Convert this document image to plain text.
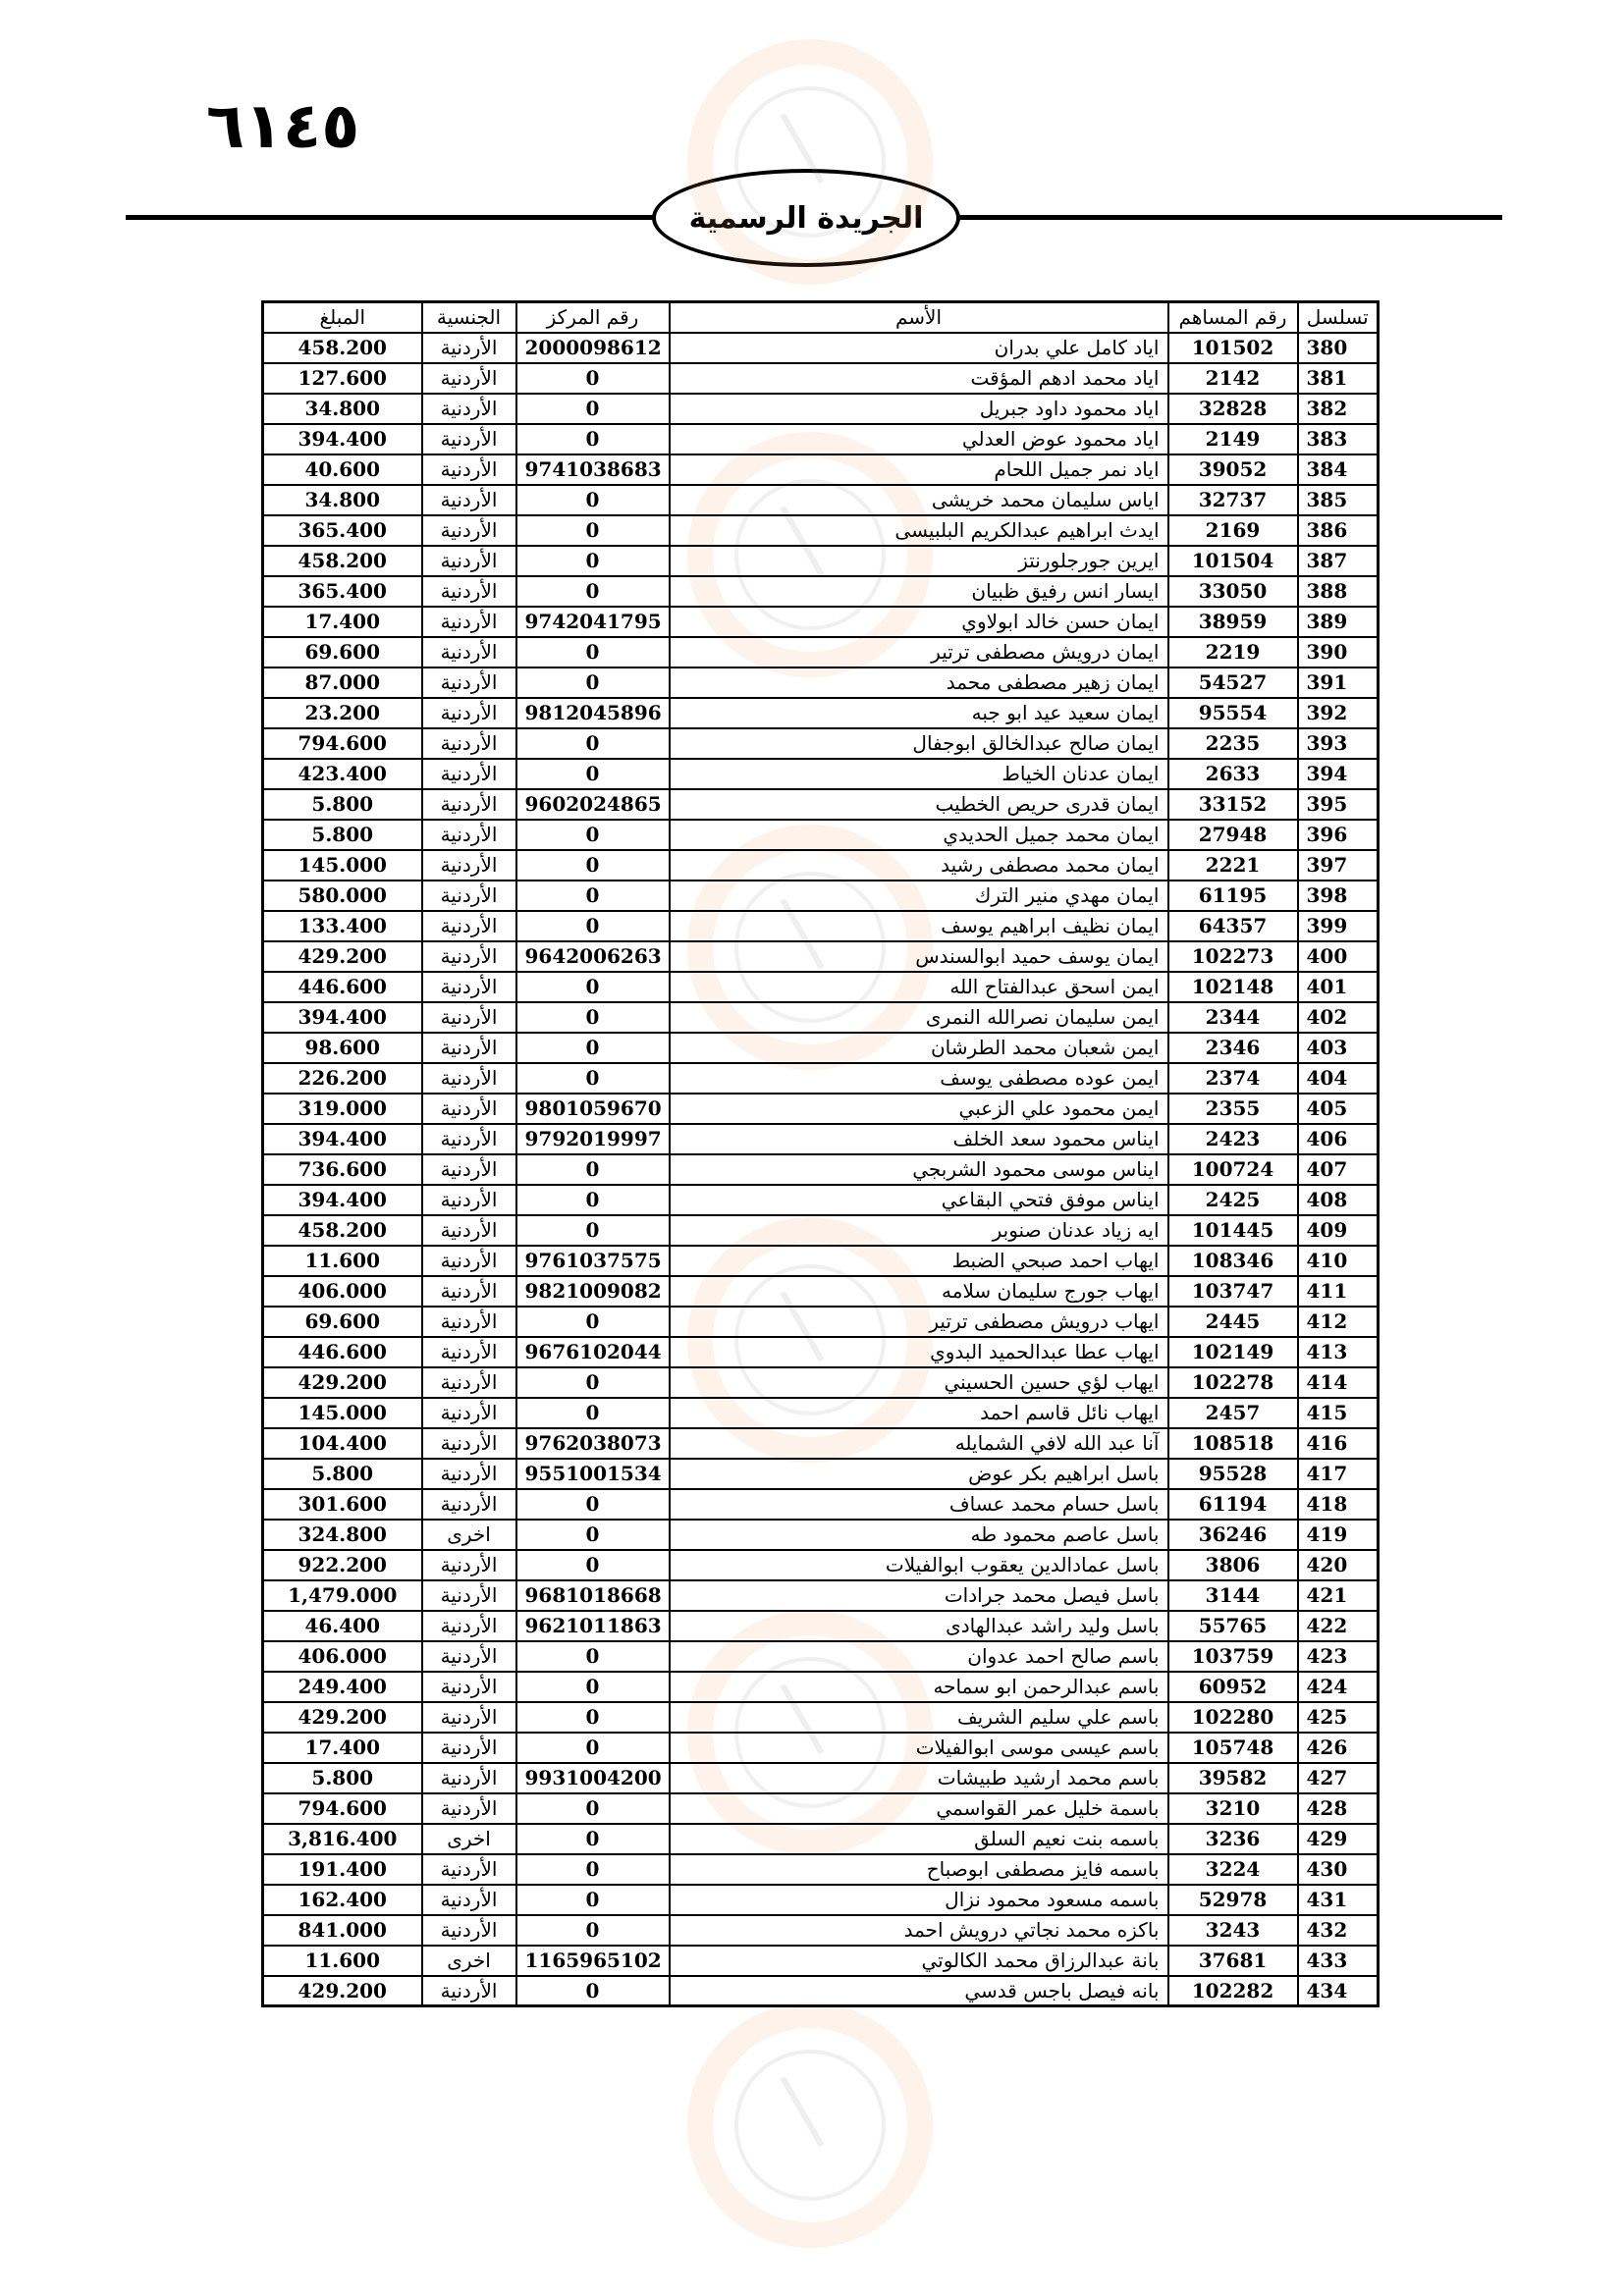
٦١٤٥
الجريدة الرسمية
تسلسل	رقم المساهم	الأسم	رقم المركز	الجنسية	المبلغ
380	101502	اياد كامل علي بدران	2000098612	الأردنية	458.200
381	2142	اياد محمد ادهم المؤقت	0	الأردنية	127.600
382	32828	اياد محمود داود جبريل	0	الأردنية	34.800
383	2149	اياد محمود عوض العدلي	0	الأردنية	394.400
384	39052	اياد نمر جميل اللحام	9741038683	الأردنية	40.600
385	32737	اياس سليمان محمد خريشى	0	الأردنية	34.800
386	2169	ايدث ابراهيم عبدالكريم البلبيسى	0	الأردنية	365.400
387	101504	ايرين جورجلورنتز	0	الأردنية	458.200
388	33050	ايسار انس رفيق ظبيان	0	الأردنية	365.400
389	38959	ايمان حسن خالد ابولاوي	9742041795	الأردنية	17.400
390	2219	ايمان درويش مصطفى ترتير	0	الأردنية	69.600
391	54527	ايمان زهير مصطفى محمد	0	الأردنية	87.000
392	95554	ايمان سعيد عيد ابو جبه	9812045896	الأردنية	23.200
393	2235	ايمان صالح عبدالخالق ابوجفال	0	الأردنية	794.600
394	2633	ايمان عدنان الخياط	0	الأردنية	423.400
395	33152	ايمان قدرى حريص الخطيب	9602024865	الأردنية	5.800
396	27948	ايمان محمد جميل الحديدي	0	الأردنية	5.800
397	2221	ايمان محمد مصطفى رشيد	0	الأردنية	145.000
398	61195	ايمان مهدي منير الترك	0	الأردنية	580.000
399	64357	ايمان نظيف ابراهيم يوسف	0	الأردنية	133.400
400	102273	ايمان يوسف حميد ابوالسندس	9642006263	الأردنية	429.200
401	102148	ايمن اسحق عبدالفتاح الله	0	الأردنية	446.600
402	2344	ايمن سليمان نصرالله النمرى	0	الأردنية	394.400
403	2346	ايمن شعبان محمد الطرشان	0	الأردنية	98.600
404	2374	ايمن عوده مصطفى يوسف	0	الأردنية	226.200
405	2355	ايمن محمود علي الزعبي	9801059670	الأردنية	319.000
406	2423	ايناس محمود سعد الخلف	9792019997	الأردنية	394.400
407	100724	ايناس موسى محمود الشربجي	0	الأردنية	736.600
408	2425	ايناس موفق فتحي البقاعي	0	الأردنية	394.400
409	101445	ايه زياد عدنان صنوبر	0	الأردنية	458.200
410	108346	ايهاب احمد صبحي الضبط	9761037575	الأردنية	11.600
411	103747	ايهاب جورج سليمان سلامه	9821009082	الأردنية	406.000
412	2445	ايهاب درويش مصطفى ترتير	0	الأردنية	69.600
413	102149	ايهاب عطا عبدالحميد البدوي	9676102044	الأردنية	446.600
414	102278	ايهاب لؤي حسين الحسيني	0	الأردنية	429.200
415	2457	ايهاب نائل قاسم احمد	0	الأردنية	145.000
416	108518	آنا عبد الله لافي الشمايله	9762038073	الأردنية	104.400
417	95528	باسل ابراهيم بكر عوض	9551001534	الأردنية	5.800
418	61194	باسل حسام محمد عساف	0	الأردنية	301.600
419	36246	باسل عاصم محمود طه	0	اخرى	324.800
420	3806	باسل عمادالدين يعقوب ابوالفيلات	0	الأردنية	922.200
421	3144	باسل فيصل محمد جرادات	9681018668	الأردنية	1,479.000
422	55765	باسل وليد راشد عبدالهادى	9621011863	الأردنية	46.400
423	103759	باسم صالح احمد عدوان	0	الأردنية	406.000
424	60952	باسم عبدالرحمن ابو سماحه	0	الأردنية	249.400
425	102280	باسم علي سليم الشريف	0	الأردنية	429.200
426	105748	باسم عيسى موسى ابوالفيلات	0	الأردنية	17.400
427	39582	باسم محمد ارشيد طبيشات	9931004200	الأردنية	5.800
428	3210	باسمة خليل عمر القواسمي	0	الأردنية	794.600
429	3236	باسمه بنت نعيم السلق	0	اخرى	3,816.400
430	3224	باسمه فايز مصطفى ابوصباح	0	الأردنية	191.400
431	52978	باسمه مسعود محمود نزال	0	الأردنية	162.400
432	3243	باكزه محمد نجاتي درويش احمد	0	الأردنية	841.000
433	37681	بانة عبدالرزاق محمد الكالوتي	1165965102	اخرى	11.600
434	102282	بانه فيصل باجس قدسي	0	الأردنية	429.200
